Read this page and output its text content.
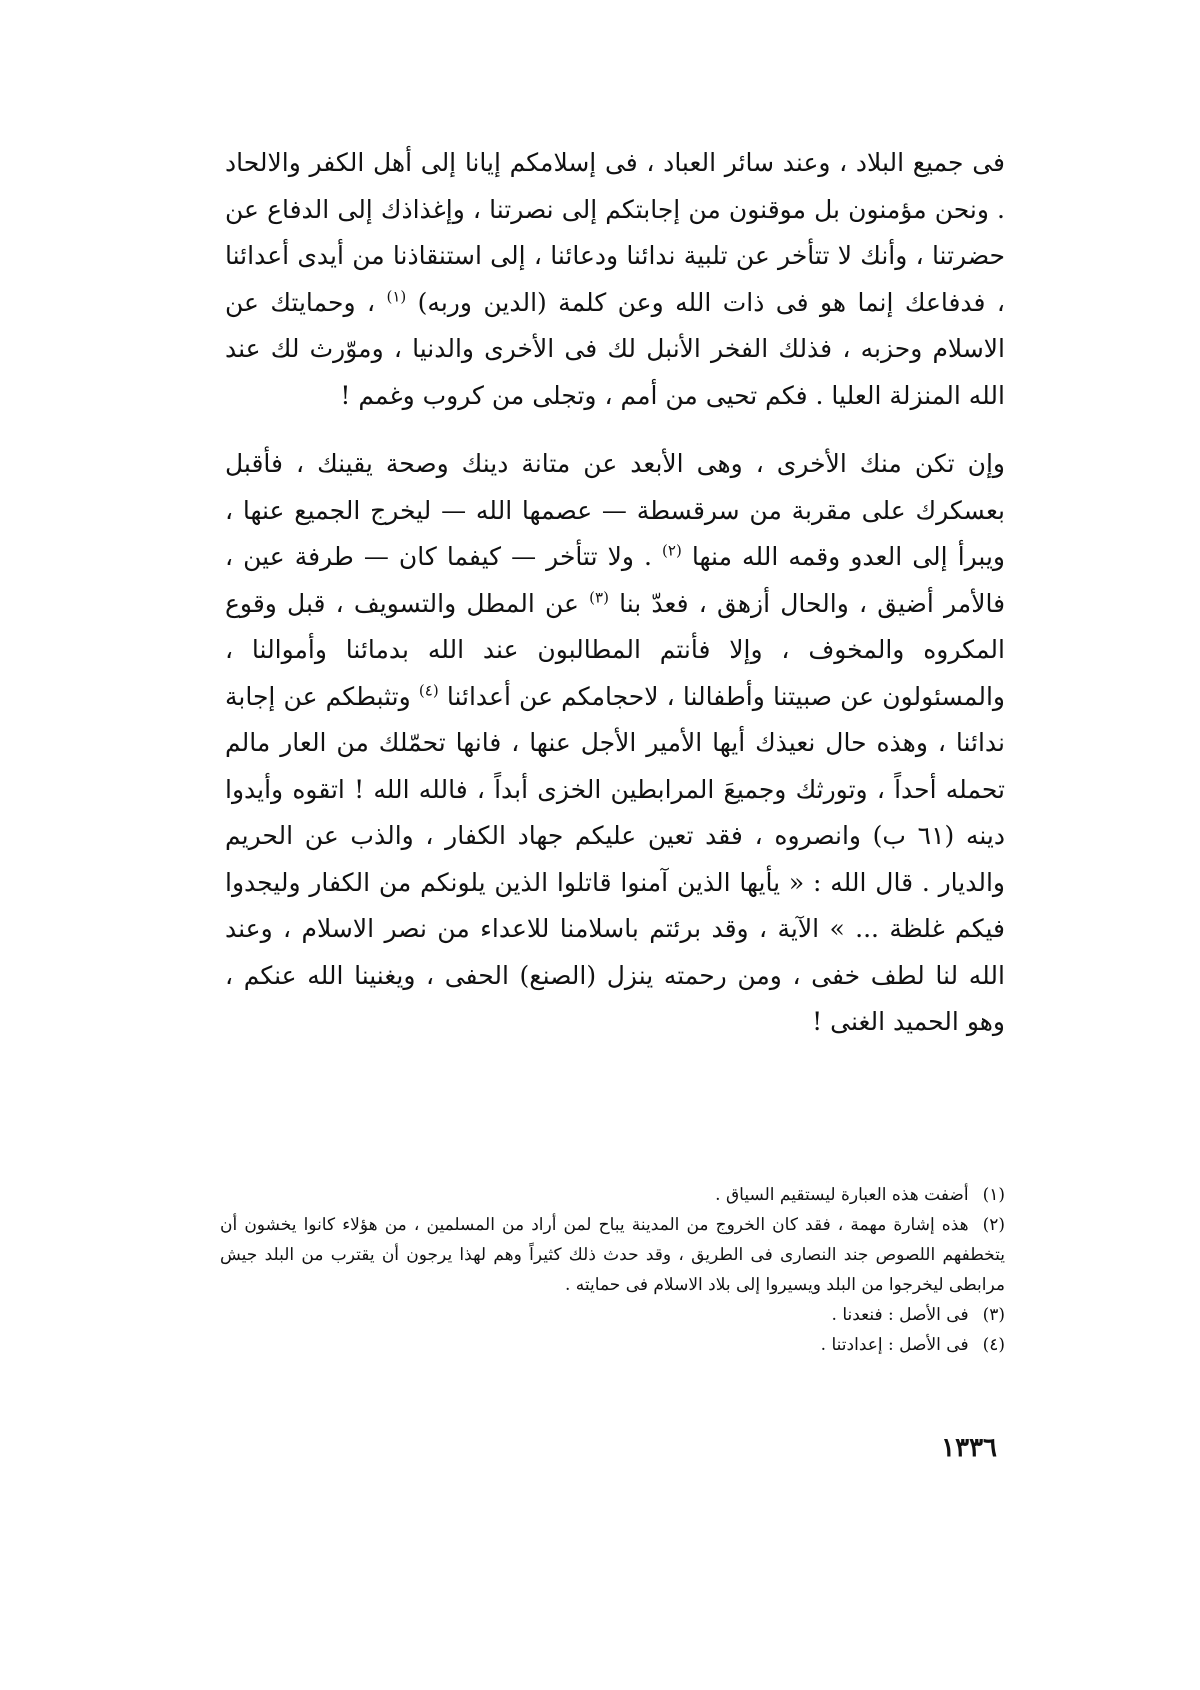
فى جميع البلاد ، وعند سائر العباد ، فى إسلامكم إيانا إلى أهل الكفر والالحاد . ونحن مؤمنون بل موقنون من إجابتكم إلى نصرتنا ، وإغذاذك إلى الدفاع عن حضرتنا ، وأنك لا تتأخر عن تلبية ندائنا ودعائنا ، إلى استنقاذنا من أيدى أعدائنا ، فدفاعك إنما هو فى ذات الله وعن كلمة (الدين وربه) $^{(١)}$ ، وحمايتك عن الاسلام وحزبه ، فذلك الفخر الأنبل لك فى الأخرى والدنيا ، وموّرث لك عند الله المنزلة العليا . فكم تحيى من أمم ، وتجلى من كروب وغمم !

وإن تكن منك الأخرى ، وهى الأبعد عن متانة دينك وصحة يقينك ، فأقبل بعسكرك على مقربة من سرقسطة — عصمها الله — ليخرج الجميع عنها ، ويبرأ إلى العدو وقمه الله منها $^{(٢)}$ . ولا تتأخر — كيفما كان — طرفة عين ، فالأمر أضيق ، والحال أزهق ، فعدّ بنا $^{(٣)}$ عن المطل والتسويف ، قبل وقوع المكروه والمخوف ، وإلا فأنتم المطالبون عند الله بدمائنا وأموالنا ، والمسئولون عن صبيتنا وأطفالنا ، لاحجامكم عن أعدائنا $^{(٤)}$ وتثبطكم عن إجابة ندائنا ، وهذه حال نعيذك أيها الأمير الأجل عنها ، فانها تحمّلك من العار مالم تحمله أحداً ، وتورثك وجميعَ المرابطين الخزى أبداً ، فالله الله ! اتقوه وأيدوا دينه (٦١ ب) وانصروه ، فقد تعين عليكم جهاد الكفار ، والذب عن الحريم والديار . قال الله : « يأيها الذين آمنوا قاتلوا الذين يلونكم من الكفار وليجدوا فيكم غلظة ... » الآية ، وقد برئتم باسلامنا للاعداء من نصر الاسلام ، وعند الله لنا لطف خفى ، ومن رحمته ينزل (الصنع) الحفى ، ويغنينا الله عنكم ، وهو الحميد الغنى !

(١)أضفت هذه العبارة ليستقيم السياق .

(٢)هذه إشارة مهمة ، فقد كان الخروج من المدينة يباح لمن أراد من المسلمين ، من هؤلاء كانوا يخشون أن يتخطفهم اللصوص جند النصارى فى الطريق ، وقد حدث ذلك كثيراً وهم لهذا يرجون أن يقترب من البلد جيش مرابطى ليخرجوا من البلد ويسيروا إلى بلاد الاسلام فى حمايته .

(٣)فى الأصل : فنعدنا .

(٤)فى الأصل : إعدادتنا .

١٣٣٦
